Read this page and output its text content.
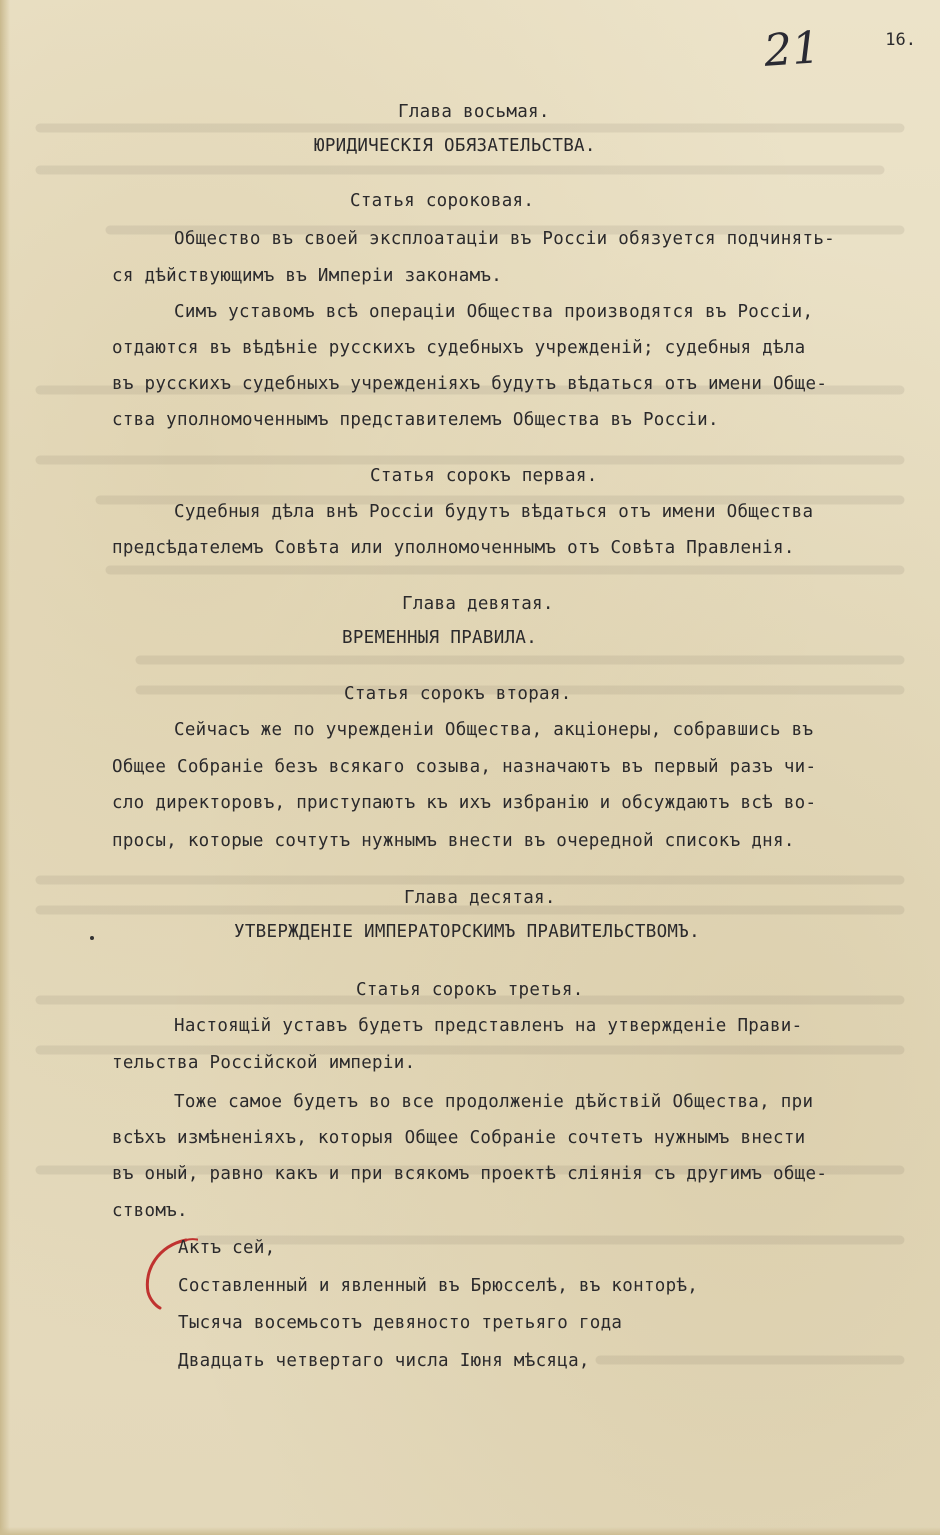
21	16.
Глава восьмая.
ЮРИДИЧЕСКIЯ ОБЯЗАТЕЛЬСТВА.
Статья сороковая.
Общество въ своей эксплоатацiи въ Россiи обязуется подчинять-
ся дѣйствующимъ въ Имперiи законамъ.
Симъ уставомъ всѣ операцiи Общества производятся въ Россiи,
отдаются въ вѣдѣнiе русскихъ судебныхъ учрежденiй; судебныя дѣла
въ русскихъ судебныхъ учрежденiяхъ будутъ вѣдаться отъ имени Обще-
ства уполномоченнымъ представителемъ Общества въ Россiи.
Статья сорокъ первая.
Судебныя дѣла внѣ Россiи будутъ вѣдаться отъ имени Общества
предсѣдателемъ Совѣта или уполномоченнымъ отъ Совѣта Правленiя.
Глава девятая.
ВРЕМЕННЫЯ ПРАВИЛА.
Статья сорокъ вторая.
Сейчасъ же по учрежденiи Общества, акцiонеры, собравшись въ
Общее Собранiе безъ всякаго созыва, назначаютъ въ первый разъ чи-
сло директоровъ, приступаютъ къ ихъ избранiю и обсуждаютъ всѣ во-
просы, которые сочтутъ нужнымъ внести въ очередной списокъ дня.
Глава десятая.
УТВЕРЖДЕНIЕ ИМПЕРАТОРСКИМЪ ПРАВИТЕЛЬСТВОМЪ.
Статья сорокъ третья.
Настоящiй уставъ будетъ представленъ на утвержденiе Прави-
тельства Россiйской имперiи.
Тоже самое будетъ во все продолженiе дѣйствiй Общества, при
всѣхъ измѣненiяхъ, которыя Общее Собранiе сочтетъ нужнымъ внести
въ оный, равно какъ и при всякомъ проектѣ слiянiя съ другимъ обще-
ствомъ.
Актъ сей,
Составленный и явленный въ Брюсселѣ, въ конторѣ,
Тысяча восемьсотъ девяносто третьяго года
Двадцать четвертаго числа Iюня мѣсяца,
